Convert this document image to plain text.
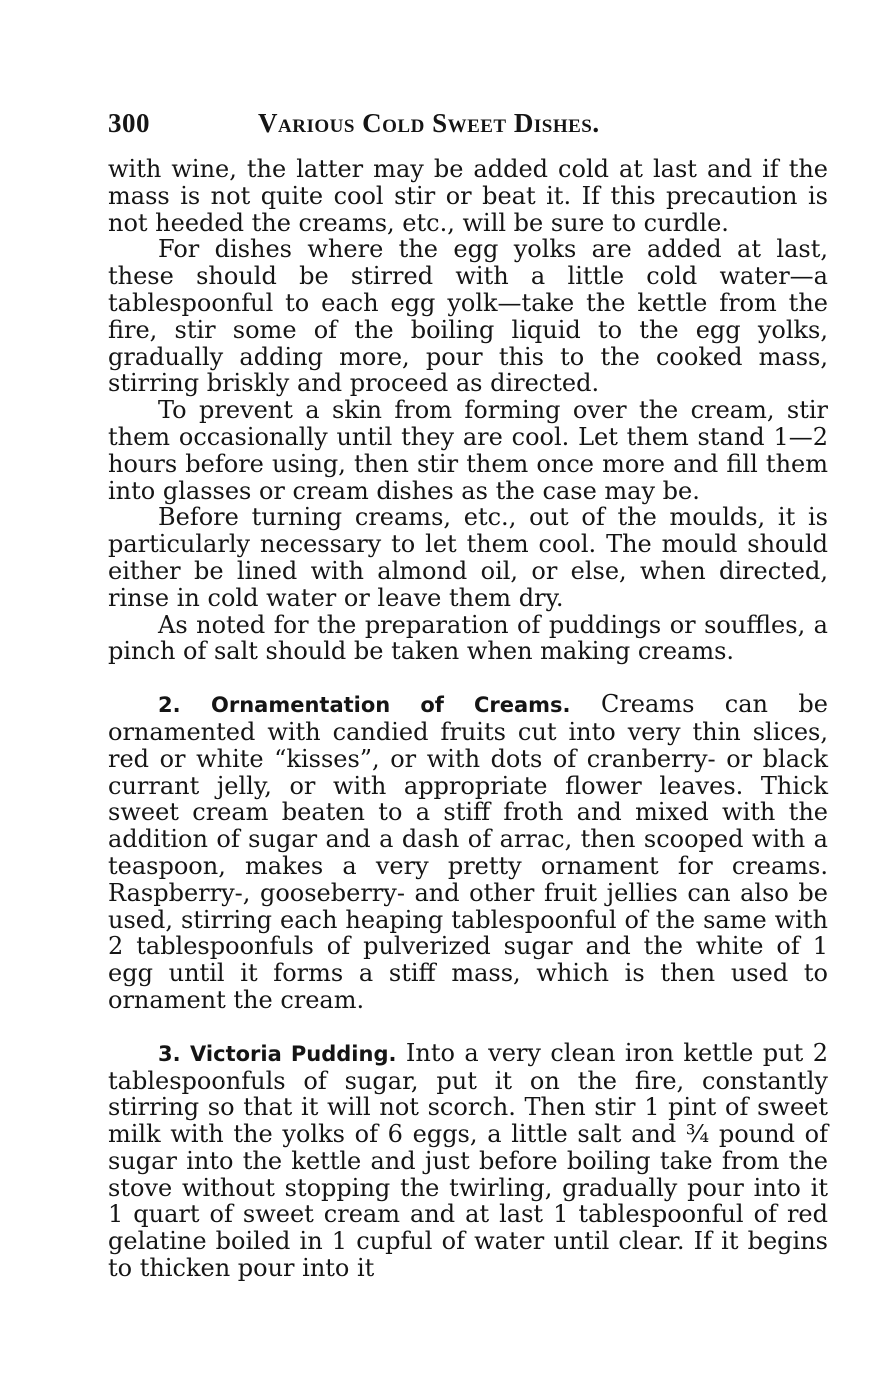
300	Various Cold Sweet Dishes.

with wine, the latter may be added cold at last and if the mass is not quite cool stir or beat it. If this precaution is not heeded the creams, etc., will be sure to curdle.

For dishes where the egg yolks are added at last, these should be stirred with a little cold water—a tablespoonful to each egg yolk—take the kettle from the fire, stir some of the boiling liquid to the egg yolks, gradually adding more, pour this to the cooked mass, stirring briskly and proceed as directed.

To prevent a skin from forming over the cream, stir them occasionally until they are cool. Let them stand 1—2 hours before using, then stir them once more and fill them into glasses or cream dishes as the case may be.

Before turning creams, etc., out of the moulds, it is particularly necessary to let them cool. The mould should either be lined with almond oil, or else, when directed, rinse in cold water or leave them dry.

As noted for the preparation of puddings or souffles, a pinch of salt should be taken when making creams.

2. Ornamentation of Creams. Creams can be ornamented with candied fruits cut into very thin slices, red or white “kisses”, or with dots of cranberry- or black currant jelly, or with appropriate flower leaves. Thick sweet cream beaten to a stiff froth and mixed with the addition of sugar and a dash of arrac, then scooped with a teaspoon, makes a very pretty ornament for creams. Raspberry-, gooseberry- and other fruit jellies can also be used, stirring each heaping tablespoonful of the same with 2 tablespoonfuls of pulverized sugar and the white of 1 egg until it forms a stiff mass, which is then used to ornament the cream.

3. Victoria Pudding. Into a very clean iron kettle put 2 tablespoonfuls of sugar, put it on the fire, constantly stirring so that it will not scorch. Then stir 1 pint of sweet milk with the yolks of 6 eggs, a little salt and ¾ pound of sugar into the kettle and just before boiling take from the stove without stopping the twirling, gradually pour into it 1 quart of sweet cream and at last 1 tablespoonful of red gelatine boiled in 1 cupful of water until clear. If it begins to thicken pour into it
